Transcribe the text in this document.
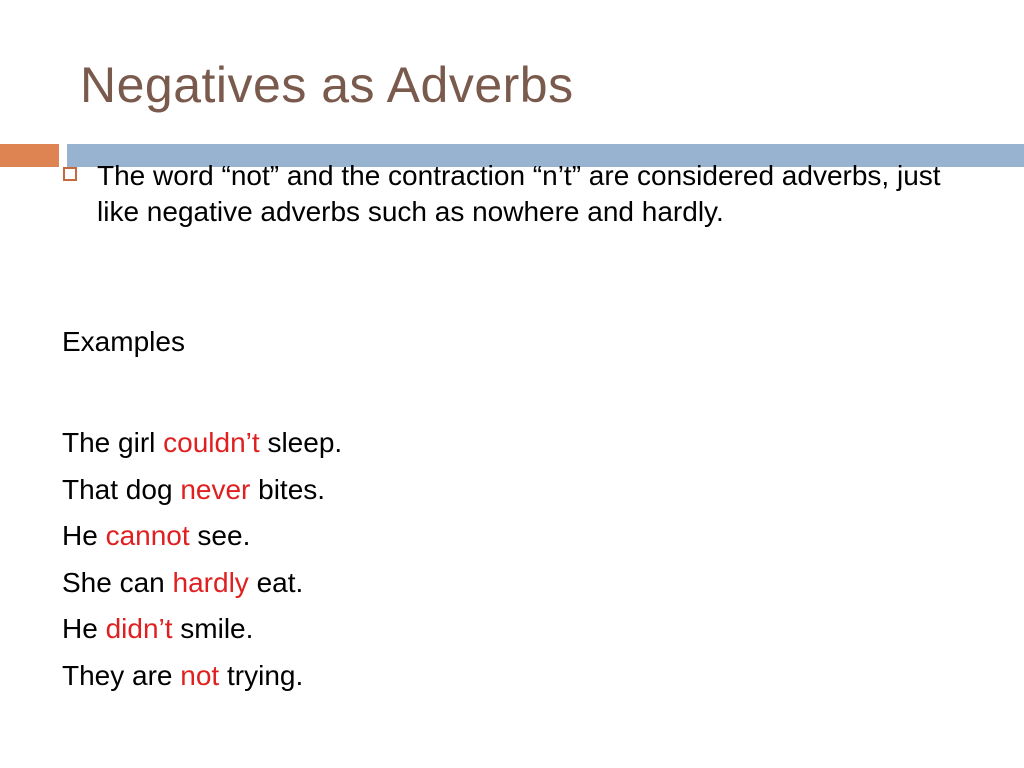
Negatives as Adverbs
The word “not” and the contraction “n’t” are considered adverbs, just like negative adverbs such as nowhere and hardly.
Examples
The girl couldn’t sleep.
That dog never bites.
He cannot see.
She can hardly eat.
He didn’t smile.
They are not trying.
